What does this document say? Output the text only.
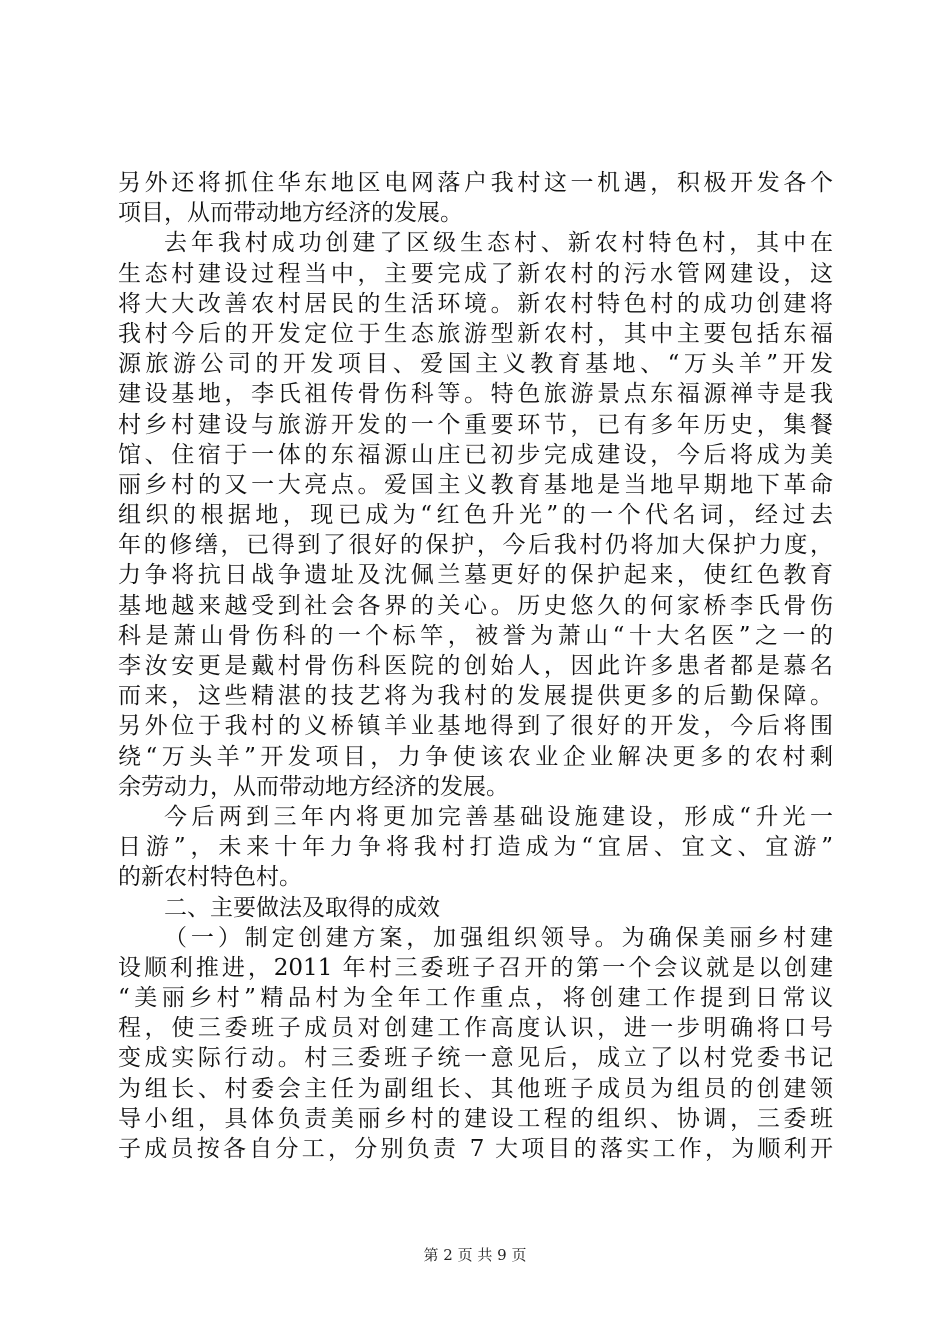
另外还将抓住华东地区电网落户我村这一机遇，积极开发各个
项目，从而带动地方经济的发展。
去年我村成功创建了区级生态村、新农村特色村，其中在
生态村建设过程当中，主要完成了新农村的污水管网建设，这
将大大改善农村居民的生活环境。新农村特色村的成功创建将
我村今后的开发定位于生态旅游型新农村，其中主要包括东福
源旅游公司的开发项目、爱国主义教育基地、“万头羊”开发
建设基地，李氏祖传骨伤科等。特色旅游景点东福源禅寺是我
村乡村建设与旅游开发的一个重要环节，已有多年历史，集餐
馆、住宿于一体的东福源山庄已初步完成建设，今后将成为美
丽乡村的又一大亮点。爱国主义教育基地是当地早期地下革命
组织的根据地，现已成为“红色升光”的一个代名词，经过去
年的修缮，已得到了很好的保护，今后我村仍将加大保护力度，
力争将抗日战争遗址及沈佩兰墓更好的保护起来，使红色教育
基地越来越受到社会各界的关心。历史悠久的何家桥李氏骨伤
科是萧山骨伤科的一个标竿，被誉为萧山“十大名医”之一的
李汝安更是戴村骨伤科医院的创始人，因此许多患者都是慕名
而来，这些精湛的技艺将为我村的发展提供更多的后勤保障。
另外位于我村的义桥镇羊业基地得到了很好的开发，今后将围
绕“万头羊”开发项目，力争使该农业企业解决更多的农村剩
余劳动力，从而带动地方经济的发展。
今后两到三年内将更加完善基础设施建设，形成“升光一
日游”，未来十年力争将我村打造成为“宜居、宜文、宜游”
的新农村特色村。
二、主要做法及取得的成效
（一）制定创建方案，加强组织领导。为确保美丽乡村建
设顺利推进，2011 年村三委班子召开的第一个会议就是以创建
“美丽乡村”精品村为全年工作重点，将创建工作提到日常议
程，使三委班子成员对创建工作高度认识，进一步明确将口号
变成实际行动。村三委班子统一意见后，成立了以村党委书记
为组长、村委会主任为副组长、其他班子成员为组员的创建领
导小组，具体负责美丽乡村的建设工程的组织、协调，三委班
子成员按各自分工，分别负责 7 大项目的落实工作，为顺利开
第 2 页 共 9 页
